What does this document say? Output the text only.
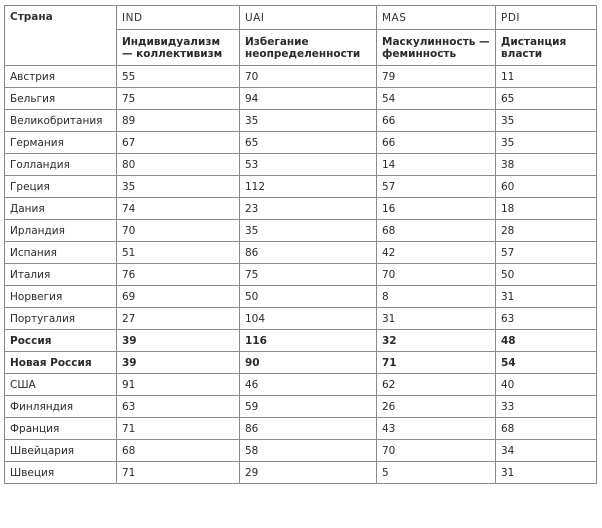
Страна	IND	UAI	MAS	PDI
	Индивидуализм — коллективизм	Избегание неопределенности	Маскулинность — феминность	Дистанция власти
Австрия	55	70	79	11
Бельгия	75	94	54	65
Великобритания	89	35	66	35
Германия	67	65	66	35
Голландия	80	53	14	38
Греция	35	112	57	60
Дания	74	23	16	18
Ирландия	70	35	68	28
Испания	51	86	42	57
Италия	76	75	70	50
Норвегия	69	50	8	31
Португалия	27	104	31	63
Россия	39	116	32	48
Новая Россия	39	90	71	54
США	91	46	62	40
Финляндия	63	59	26	33
Франция	71	86	43	68
Швейцария	68	58	70	34
Швеция	71	29	5	31
